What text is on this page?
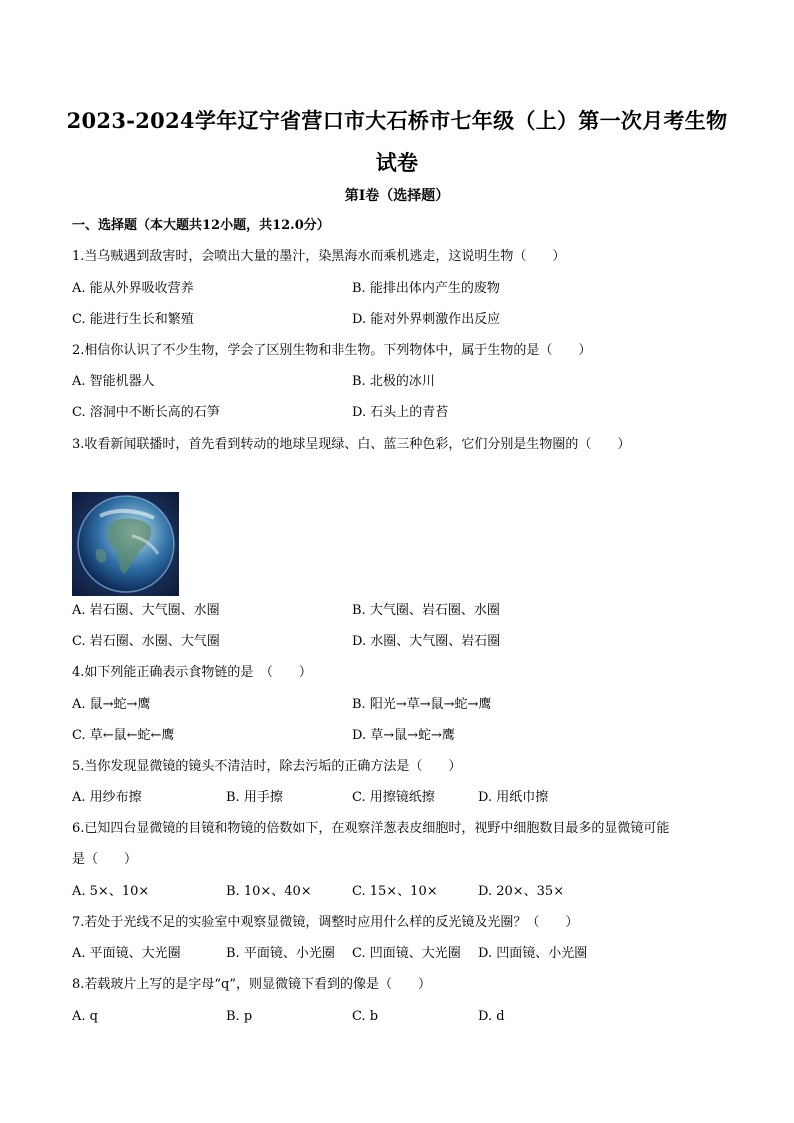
2023-2024学年辽宁省营口市大石桥市七年级（上）第一次月考生物试卷
第I卷（选择题）
一、选择题（本大题共12小题，共12.0分）
1.当乌贼遇到敌害时，会喷出大量的墨汁，染黑海水而乘机逃走，这说明生物（　　）
A. 能从外界吸收营养	B. 能排出体内产生的废物
C. 能进行生长和繁殖	D. 能对外界刺激作出反应
2.相信你认识了不少生物，学会了区别生物和非生物。下列物体中，属于生物的是（　　）
A. 智能机器人	B. 北极的冰川
C. 溶洞中不断长高的石笋	D. 石头上的青苔
3.收看新闻联播时，首先看到转动的地球呈现绿、白、蓝三种色彩，它们分别是生物圈的（　　）
A. 岩石圈、大气圈、水圈	B. 大气圈、岩石圈、水圈
C. 岩石圈、水圈、大气圈	D. 水圈、大气圈、岩石圈
4.如下列能正确表示食物链的是　（　　）
A. 鼠→蛇→鹰	B. 阳光→草→鼠→蛇→鹰
C. 草←鼠←蛇←鹰	D. 草→鼠→蛇→鹰
5.当你发现显微镜的镜头不清洁时，除去污垢的正确方法是（　　）
A. 用纱布擦	B. 用手擦	C. 用擦镜纸擦	D. 用纸巾擦
6.已知四台显微镜的目镜和物镜的倍数如下，在观察洋葱表皮细胞时，视野中细胞数目最多的显微镜可能
是（　　）
A. 5×、10×	B. 10×、40×	C. 15×、10×	D. 20×、35×
7.若处于光线不足的实验室中观察显微镜，调整时应用什么样的反光镜及光圈？（　　）
A. 平面镜、大光圈	B. 平面镜、小光圈 C. 凹面镜、大光圈 D. 凹面镜、小光圈
8.若载玻片上写的是字母“q”，则显微镜下看到的像是（　　）
A. q	B. p	C. b	D. d
